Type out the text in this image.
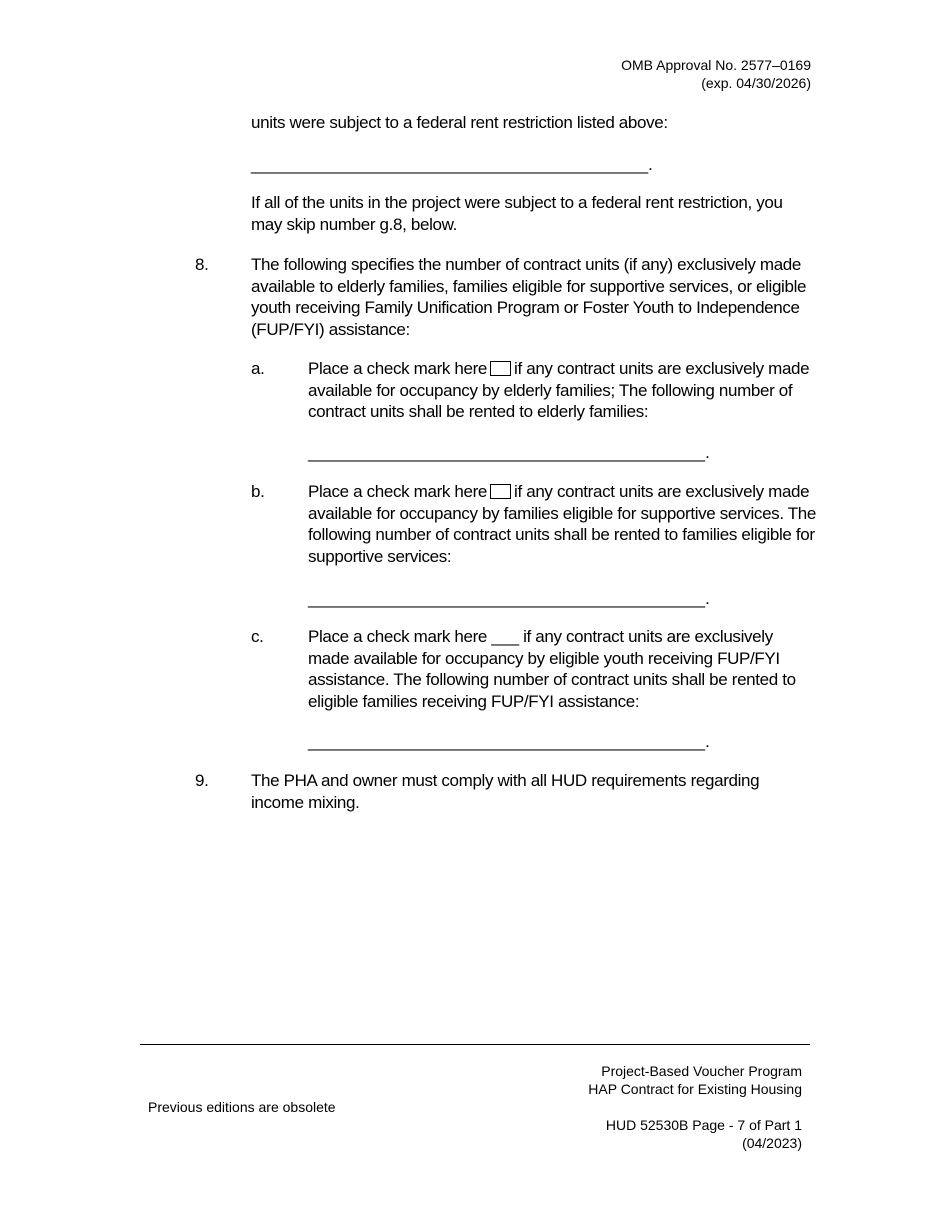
OMB Approval No. 2577–0169
(exp. 04/30/2026)
units were subject to a federal rent restriction listed above:
__________________________________________.
If all of the units in the project were subject to a federal rent restriction, you may skip number g.8, below.
8.	The following specifies the number of contract units (if any) exclusively made available to elderly families, families eligible for supportive services, or eligible youth receiving Family Unification Program or Foster Youth to Independence (FUP/FYI) assistance:
a.	Place a check mark here if any contract units are exclusively made available for occupancy by elderly families; The following number of contract units shall be rented to elderly families:
__________________________________________.
b.	Place a check mark here if any contract units are exclusively made available for occupancy by families eligible for supportive services. The following number of contract units shall be rented to families eligible for supportive services:
__________________________________________.
c.	Place a check mark here ___ if any contract units are exclusively made available for occupancy by eligible youth receiving FUP/FYI assistance. The following number of contract units shall be rented to eligible families receiving FUP/FYI assistance:
__________________________________________.
9.	The PHA and owner must comply with all HUD requirements regarding income mixing.
Project-Based Voucher Program
HAP Contract for Existing Housing
Previous editions are obsolete
HUD 52530B Page - 7 of Part 1
(04/2023)
